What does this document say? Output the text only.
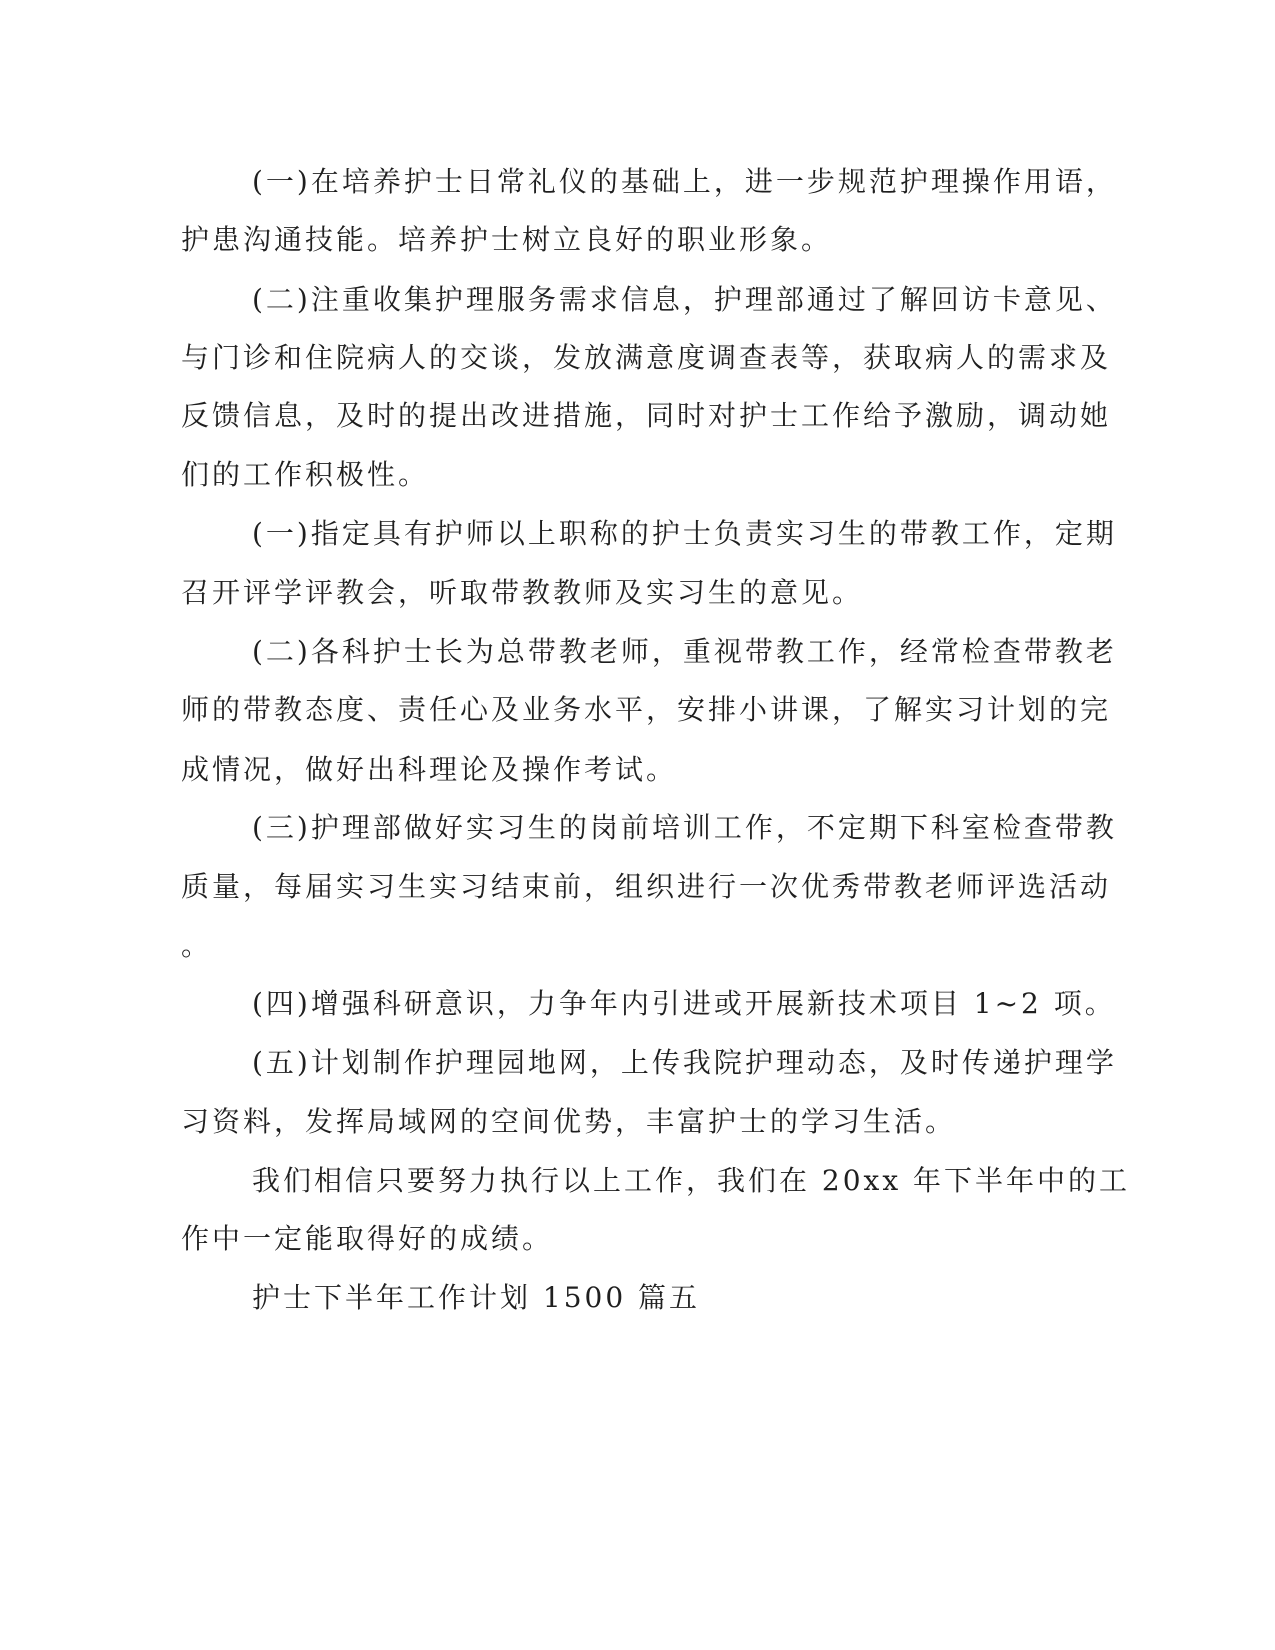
(一)在培养护士日常礼仪的基础上，进一步规范护理操作用语，

护患沟通技能。培养护士树立良好的职业形象。

(二)注重收集护理服务需求信息，护理部通过了解回访卡意见、

与门诊和住院病人的交谈，发放满意度调查表等，获取病人的需求及

反馈信息，及时的提出改进措施，同时对护士工作给予激励，调动她

们的工作积极性。

(一)指定具有护师以上职称的护士负责实习生的带教工作，定期

召开评学评教会，听取带教教师及实习生的意见。

(二)各科护士长为总带教老师，重视带教工作，经常检查带教老

师的带教态度、责任心及业务水平，安排小讲课，了解实习计划的完

成情况，做好出科理论及操作考试。

(三)护理部做好实习生的岗前培训工作，不定期下科室检查带教

质量，每届实习生实习结束前，组织进行一次优秀带教老师评选活动

。

(四)增强科研意识，力争年内引进或开展新技术项目 1~2 项。

(五)计划制作护理园地网，上传我院护理动态，及时传递护理学

习资料，发挥局域网的空间优势，丰富护士的学习生活。

我们相信只要努力执行以上工作，我们在 20xx 年下半年中的工

作中一定能取得好的成绩。

护士下半年工作计划 1500 篇五
